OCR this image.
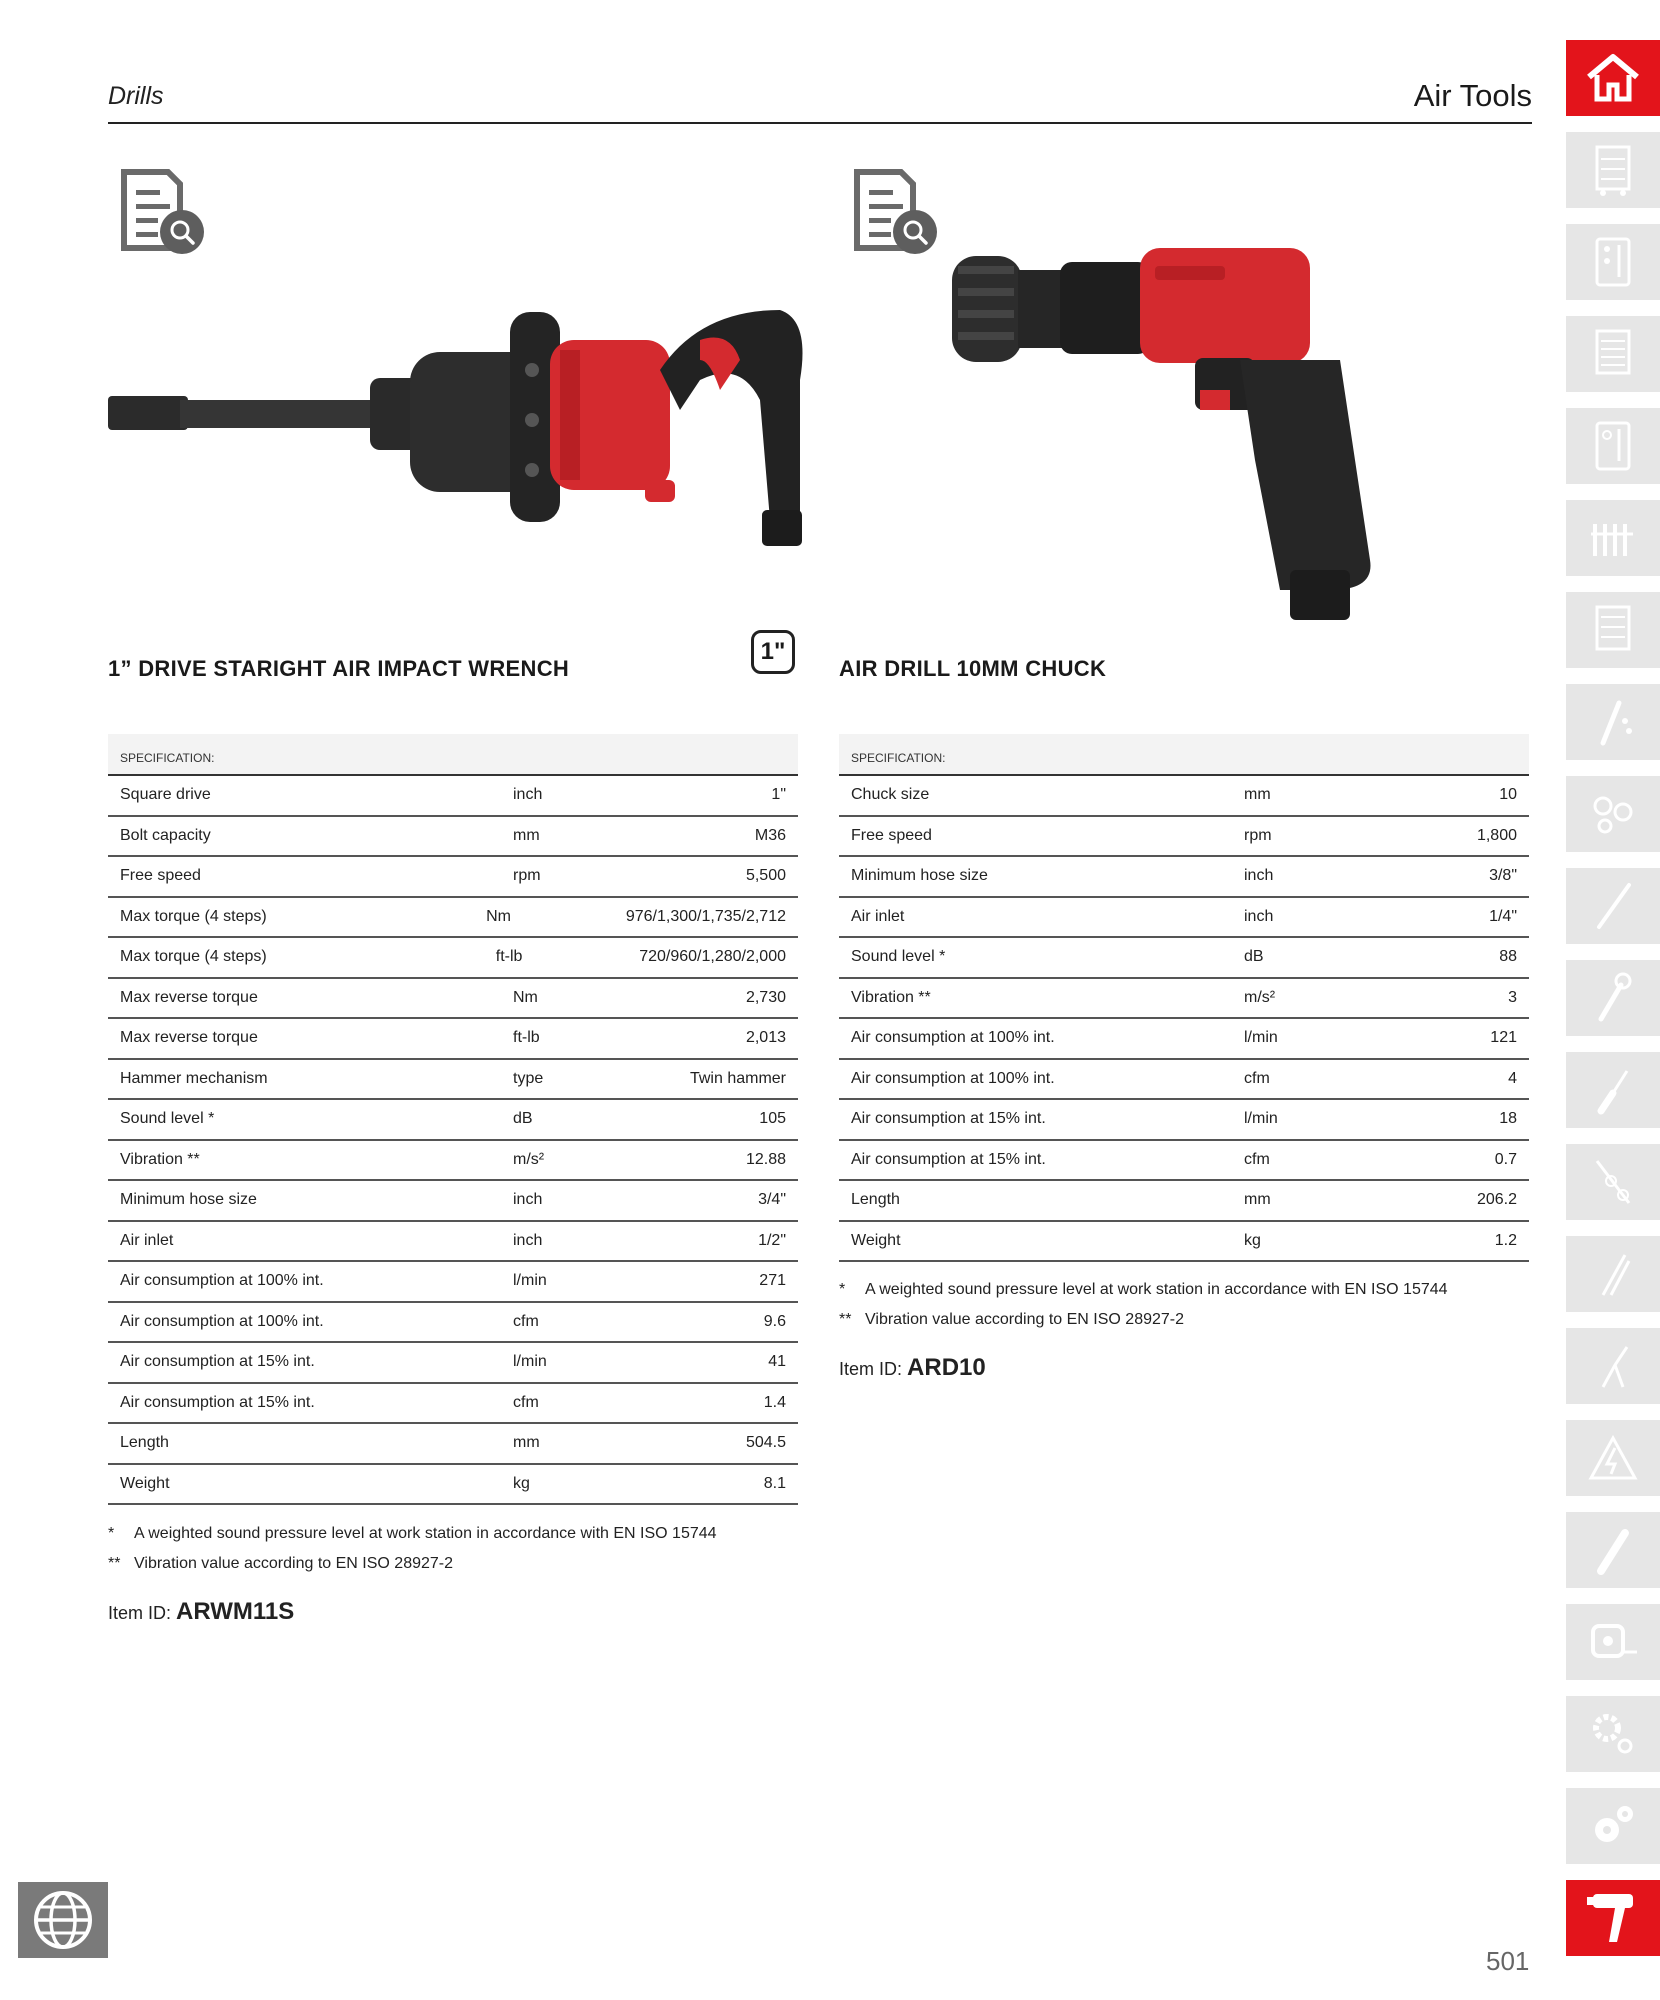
Drills	Air Tools
1” DRIVE STARIGHT AIR IMPACT WRENCH
1"
AIR DRILL 10MM CHUCK
SPECIFICATION:
Square drive	inch	1"
Bolt capacity	mm	M36
Free speed	rpm	5,500
Max torque (4 steps)	Nm	976/1,300/1,735/2,712
Max torque (4 steps)	ft-lb	720/960/1,280/2,000
Max reverse torque	Nm	2,730
Max reverse torque	ft-lb	2,013
Hammer mechanism	type	Twin hammer
Sound level *	dB	105
Vibration **	m/s²	12.88
Minimum hose size	inch	3/4"
Air inlet	inch	1/2"
Air consumption at 100% int.	l/min	271
Air consumption at 100% int.	cfm	9.6
Air consumption at 15% int.	l/min	41
Air consumption at 15% int.	cfm	1.4
Length	mm	504.5
Weight	kg	8.1
SPECIFICATION:
Chuck size	mm	10
Free speed	rpm	1,800
Minimum hose size	inch	3/8"
Air inlet	inch	1/4"
Sound level *	dB	88
Vibration **	m/s²	3
Air consumption at 100% int.	l/min	121
Air consumption at 100% int.	cfm	4
Air consumption at 15% int.	l/min	18
Air consumption at 15% int.	cfm	0.7
Length	mm	206.2
Weight	kg	1.2
* A weighted sound pressure level at work station in accordance with EN ISO 15744
** Vibration value according to EN ISO 28927-2
Item ID: ARWM11S
* A weighted sound pressure level at work station in accordance with EN ISO 15744
** Vibration value according to EN ISO 28927-2
Item ID: ARD10
501
